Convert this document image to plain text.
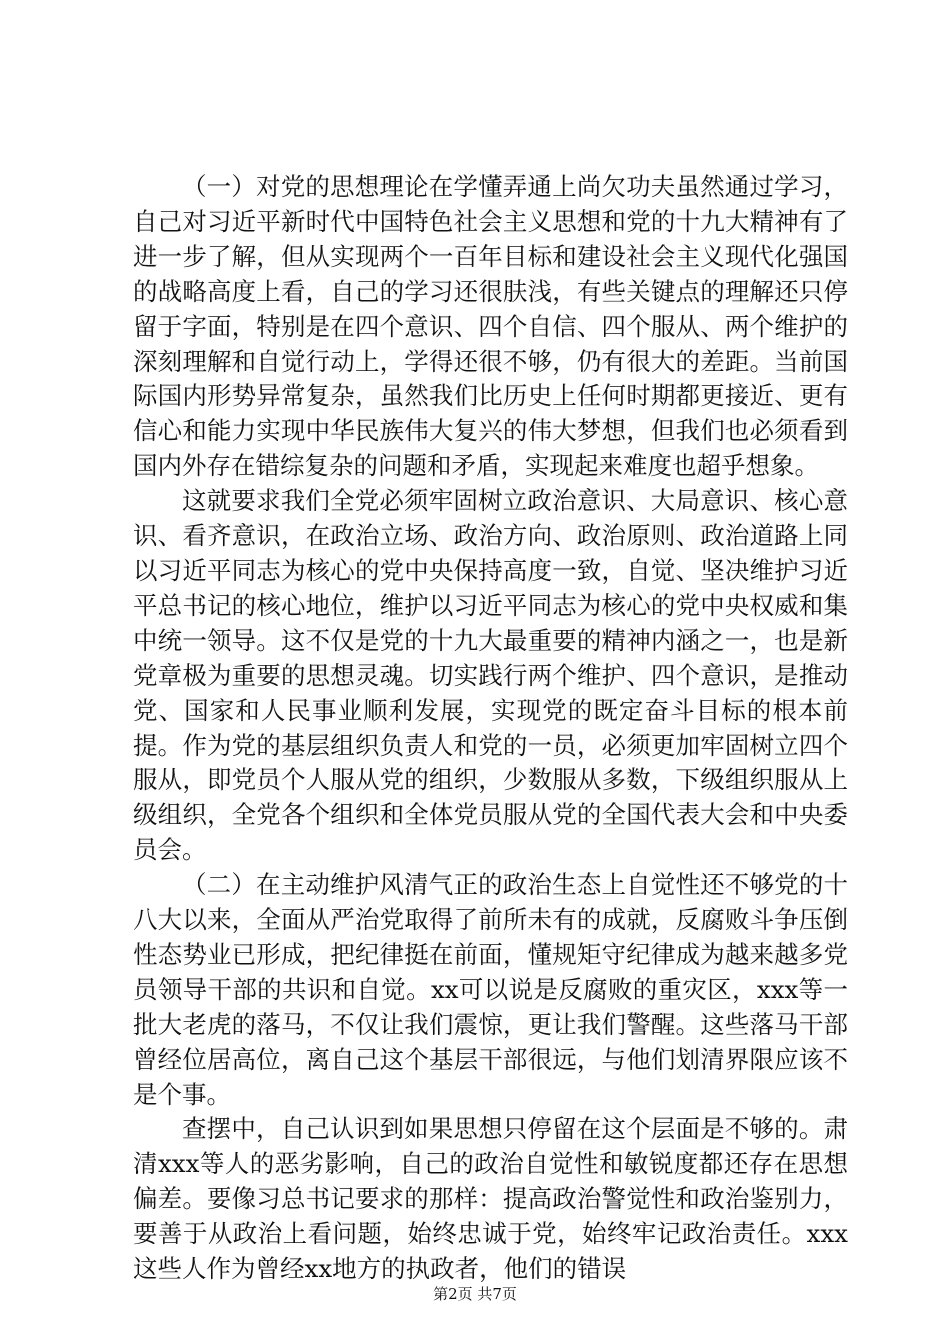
（一）对党的思想理论在学懂弄通上尚欠功夫虽然通过学习，自己对习近平新时代中国特色社会主义思想和党的十九大精神有了进一步了解，但从实现两个一百年目标和建设社会主义现代化强国的战略高度上看，自己的学习还很肤浅，有些关键点的理解还只停留于字面，特别是在四个意识、四个自信、四个服从、两个维护的深刻理解和自觉行动上，学得还很不够，仍有很大的差距。当前国际国内形势异常复杂，虽然我们比历史上任何时期都更接近、更有信心和能力实现中华民族伟大复兴的伟大梦想，但我们也必须看到国内外存在错综复杂的问题和矛盾，实现起来难度也超乎想象。

这就要求我们全党必须牢固树立政治意识、大局意识、核心意识、看齐意识，在政治立场、政治方向、政治原则、政治道路上同以习近平同志为核心的党中央保持高度一致，自觉、坚决维护习近平总书记的核心地位，维护以习近平同志为核心的党中央权威和集中统一领导。这不仅是党的十九大最重要的精神内涵之一，也是新党章极为重要的思想灵魂。切实践行两个维护、四个意识，是推动党、国家和人民事业顺利发展，实现党的既定奋斗目标的根本前提。作为党的基层组织负责人和党的一员，必须更加牢固树立四个服从，即党员个人服从党的组织，少数服从多数，下级组织服从上级组织，全党各个组织和全体党员服从党的全国代表大会和中央委员会。

（二）在主动维护风清气正的政治生态上自觉性还不够党的十八大以来，全面从严治党取得了前所未有的成就，反腐败斗争压倒性态势业已形成，把纪律挺在前面，懂规矩守纪律成为越来越多党员领导干部的共识和自觉。xx可以说是反腐败的重灾区，xxx等一批大老虎的落马，不仅让我们震惊，更让我们警醒。这些落马干部曾经位居高位，离自己这个基层干部很远，与他们划清界限应该不是个事。

查摆中，自己认识到如果思想只停留在这个层面是不够的。肃清xxx等人的恶劣影响，自己的政治自觉性和敏锐度都还存在思想偏差。要像习总书记要求的那样：提高政治警觉性和政治鉴别力，要善于从政治上看问题，始终忠诚于党，始终牢记政治责任。xxx这些人作为曾经xx地方的执政者，他们的错误

第2页 共7页
